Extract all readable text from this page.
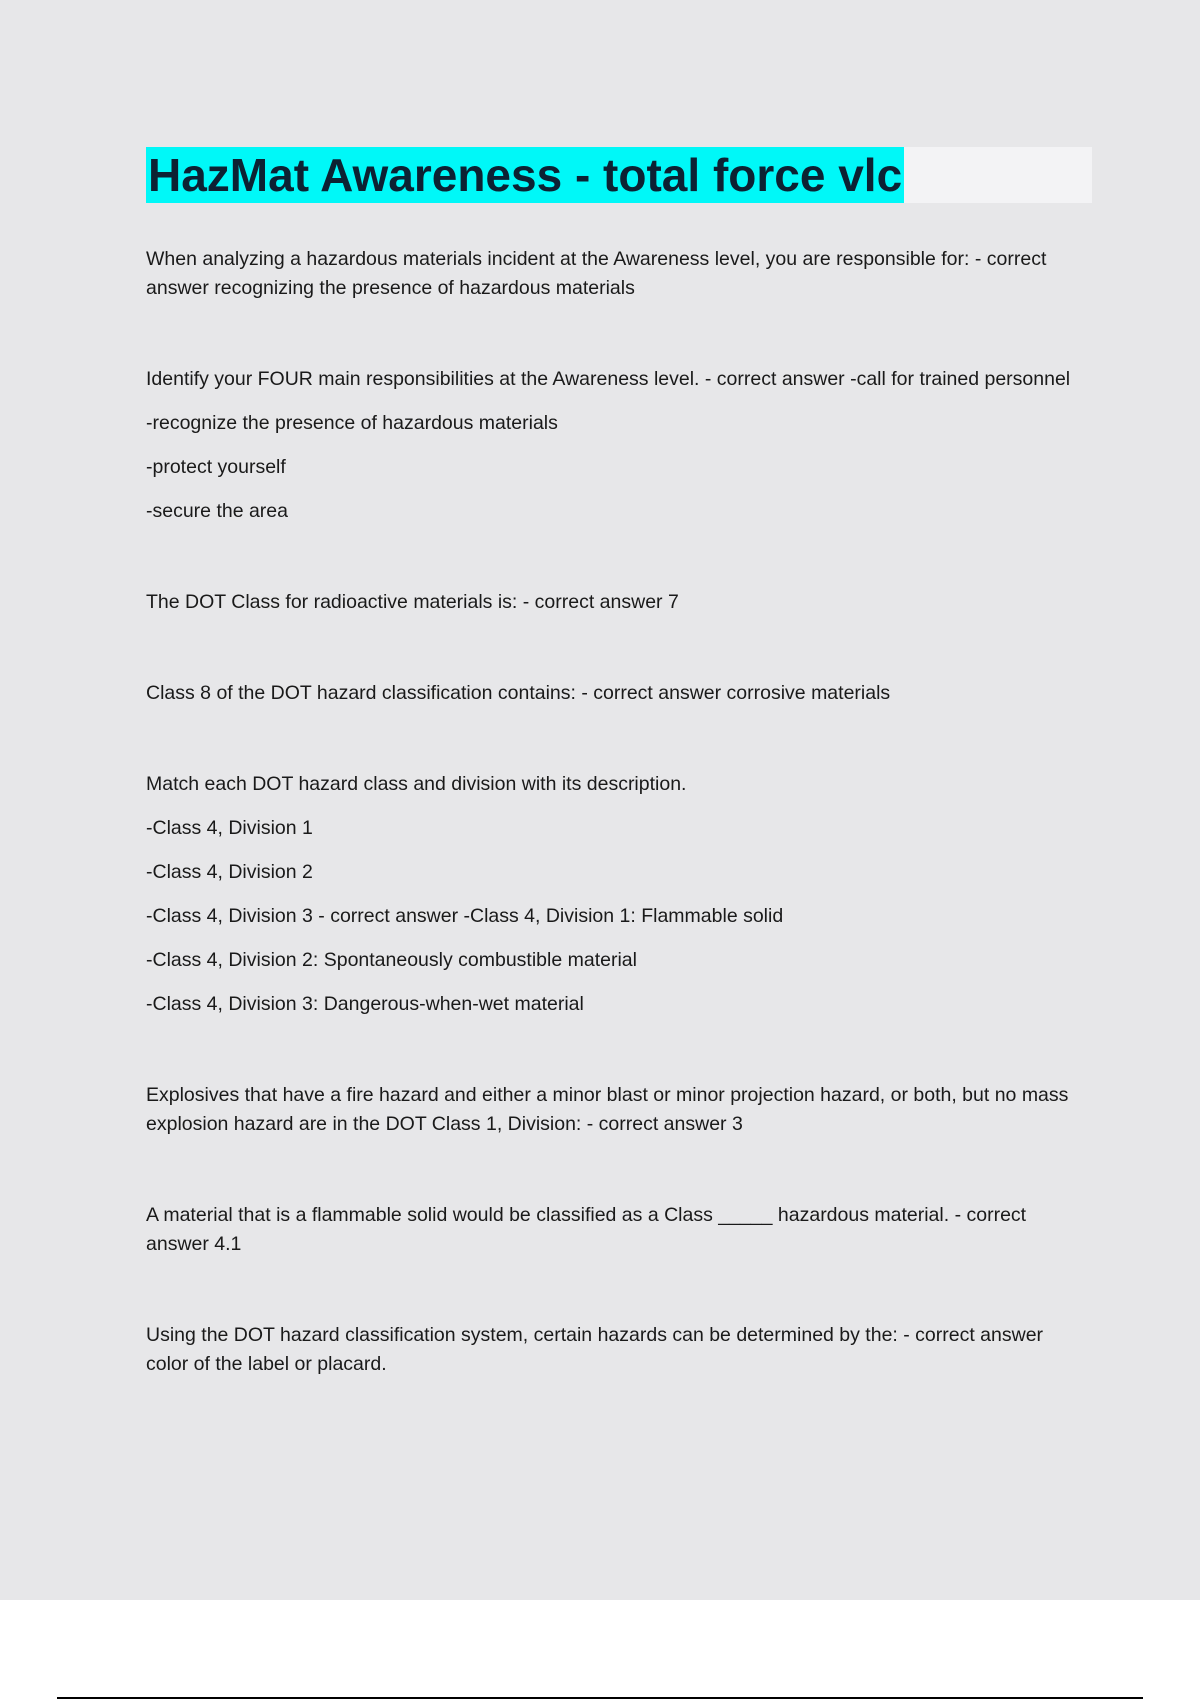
HazMat Awareness - total force vlc
When analyzing a hazardous materials incident at the Awareness level, you are responsible for: - correct answer recognizing the presence of hazardous materials
Identify your FOUR main responsibilities at the Awareness level. - correct answer -call for trained personnel
-recognize the presence of hazardous materials
-protect yourself
-secure the area
The DOT Class for radioactive materials is: - correct answer 7
Class 8 of the DOT hazard classification contains: - correct answer corrosive materials
Match each DOT hazard class and division with its description.
-Class 4, Division 1
-Class 4, Division 2
-Class 4, Division 3 - correct answer -Class 4, Division 1: Flammable solid
-Class 4, Division 2: Spontaneously combustible material
-Class 4, Division 3: Dangerous-when-wet material
Explosives that have a fire hazard and either a minor blast or minor projection hazard, or both, but no mass explosion hazard are in the DOT Class 1, Division: - correct answer 3
A material that is a flammable solid would be classified as a Class _____ hazardous material. - correct answer 4.1
Using the DOT hazard classification system, certain hazards can be determined by the: - correct answer color of the label or placard.
